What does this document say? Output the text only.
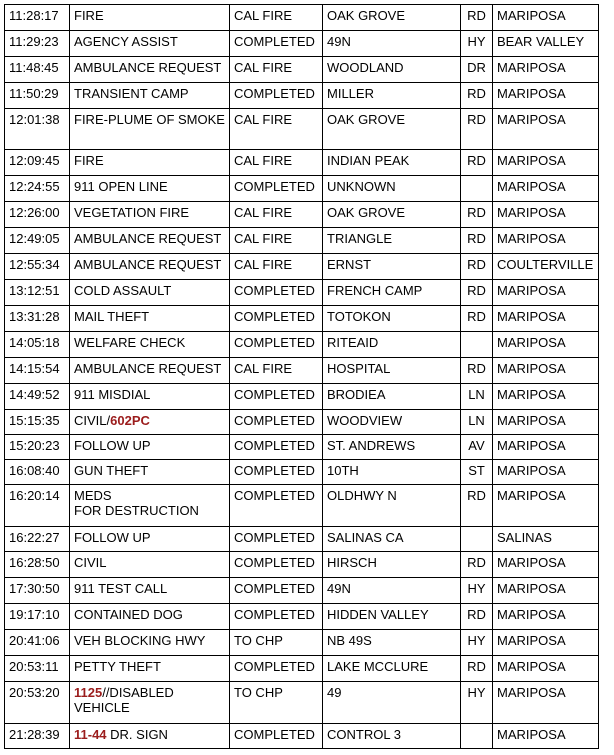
11:28:17	FIRE	CAL FIRE	OAK GROVE	RD	MARIPOSA
11:29:23	AGENCY ASSIST	COMPLETED	49N	HY	BEAR VALLEY
11:48:45	AMBULANCE REQUEST	CAL FIRE	WOODLAND	DR	MARIPOSA
11:50:29	TRANSIENT CAMP	COMPLETED	MILLER	RD	MARIPOSA
12:01:38	FIRE-PLUME OF SMOKE	CAL FIRE	OAK GROVE	RD	MARIPOSA
12:09:45	FIRE	CAL FIRE	INDIAN PEAK	RD	MARIPOSA
12:24:55	911 OPEN LINE	COMPLETED	UNKNOWN		MARIPOSA
12:26:00	VEGETATION FIRE	CAL FIRE	OAK GROVE	RD	MARIPOSA
12:49:05	AMBULANCE REQUEST	CAL FIRE	TRIANGLE	RD	MARIPOSA
12:55:34	AMBULANCE REQUEST	CAL FIRE	ERNST	RD	COULTERVILLE
13:12:51	COLD ASSAULT	COMPLETED	FRENCH CAMP	RD	MARIPOSA
13:31:28	MAIL THEFT	COMPLETED	TOTOKON	RD	MARIPOSA
14:05:18	WELFARE CHECK	COMPLETED	RITEAID		MARIPOSA
14:15:54	AMBULANCE REQUEST	CAL FIRE	HOSPITAL	RD	MARIPOSA
14:49:52	911 MISDIAL	COMPLETED	BRODIEA	LN	MARIPOSA
15:15:35	CIVIL/602PC	COMPLETED	WOODVIEW	LN	MARIPOSA
15:20:23	FOLLOW UP	COMPLETED	ST. ANDREWS	AV	MARIPOSA
16:08:40	GUN THEFT	COMPLETED	10TH	ST	MARIPOSA
16:20:14	MEDS
FOR DESTRUCTION	COMPLETED	OLDHWY N	RD	MARIPOSA
16:22:27	FOLLOW UP	COMPLETED	SALINAS CA		SALINAS
16:28:50	CIVIL	COMPLETED	HIRSCH	RD	MARIPOSA
17:30:50	911 TEST CALL	COMPLETED	49N	HY	MARIPOSA
19:17:10	CONTAINED DOG	COMPLETED	HIDDEN VALLEY	RD	MARIPOSA
20:41:06	VEH BLOCKING HWY	TO CHP	NB 49S	HY	MARIPOSA
20:53:11	PETTY THEFT	COMPLETED	LAKE MCCLURE	RD	MARIPOSA
20:53:20	1125//DISABLED
VEHICLE	TO CHP	49	HY	MARIPOSA
21:28:39	11-44 DR. SIGN	COMPLETED	CONTROL 3		MARIPOSA
